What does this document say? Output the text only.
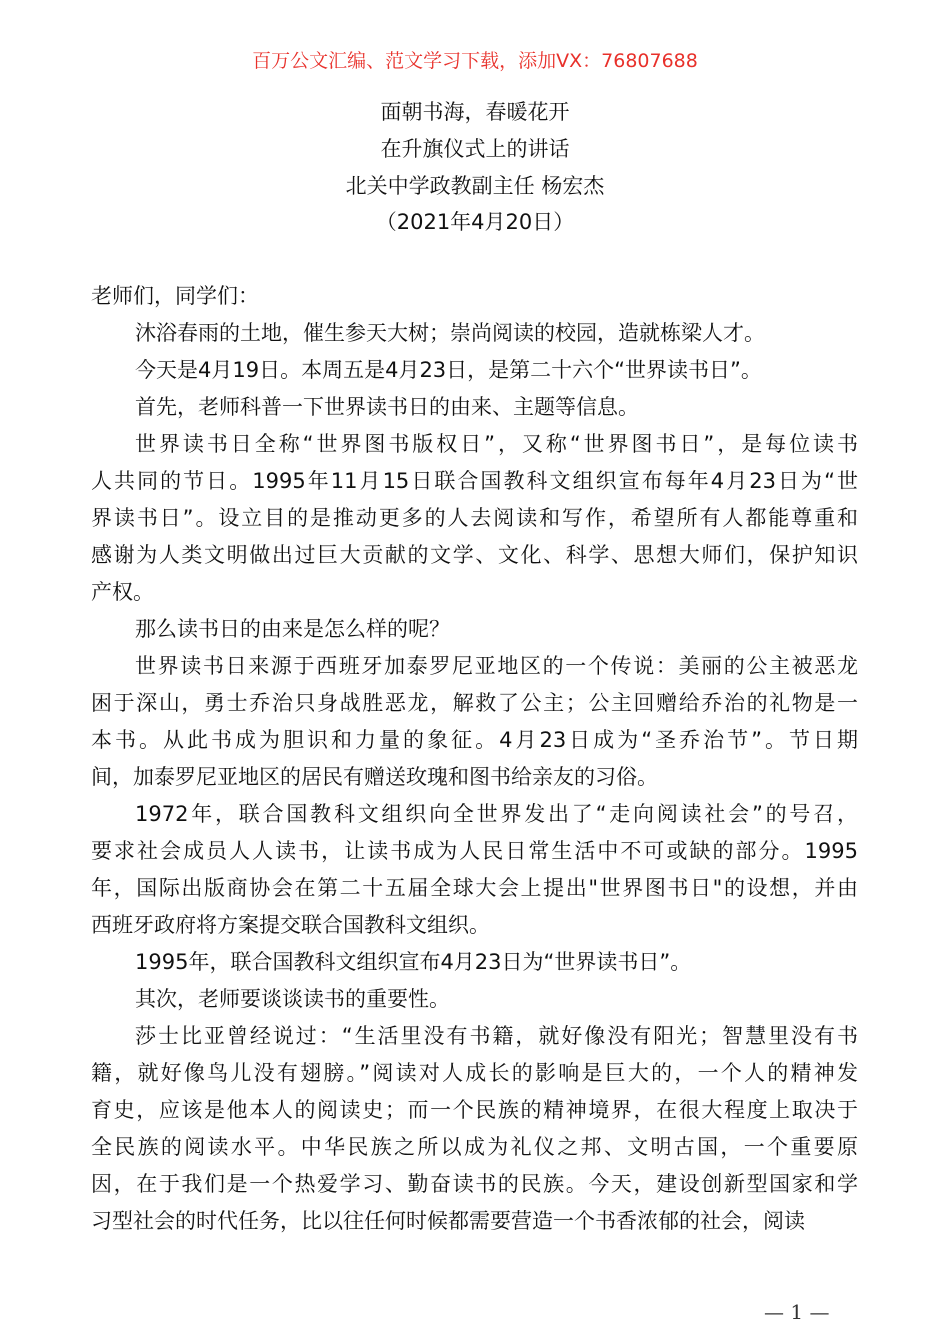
百万公文汇编、范文学习下载，添加VX：76807688
面朝书海，春暖花开
在升旗仪式上的讲话
北关中学政教副主任 杨宏杰
（2021年4月20日）
老师们，同学们：
沐浴春雨的土地，催生参天大树；崇尚阅读的校园，造就栋梁人才。
今天是4月19日。本周五是4月23日，是第二十六个“世界读书日”。
首先，老师科普一下世界读书日的由来、主题等信息。
世界读书日全称“世界图书版权日”，又称“世界图书日”，是每位读书
人共同的节日。1995年11月15日联合国教科文组织宣布每年4月23日为“世
界读书日”。设立目的是推动更多的人去阅读和写作，希望所有人都能尊重和
感谢为人类文明做出过巨大贡献的文学、文化、科学、思想大师们，保护知识
产权。
那么读书日的由来是怎么样的呢？
世界读书日来源于西班牙加泰罗尼亚地区的一个传说：美丽的公主被恶龙
困于深山，勇士乔治只身战胜恶龙，解救了公主；公主回赠给乔治的礼物是一
本书。从此书成为胆识和力量的象征。4月23日成为“圣乔治节”。节日期
间，加泰罗尼亚地区的居民有赠送玫瑰和图书给亲友的习俗。
1972年，联合国教科文组织向全世界发出了“走向阅读社会”的号召，
要求社会成员人人读书，让读书成为人民日常生活中不可或缺的部分。1995
年，国际出版商协会在第二十五届全球大会上提出"世界图书日"的设想，并由
西班牙政府将方案提交联合国教科文组织。
1995年，联合国教科文组织宣布4月23日为“世界读书日”。
其次，老师要谈谈读书的重要性。
莎士比亚曾经说过：“生活里没有书籍，就好像没有阳光；智慧里没有书
籍，就好像鸟儿没有翅膀。”阅读对人成长的影响是巨大的，一个人的精神发
育史，应该是他本人的阅读史；而一个民族的精神境界，在很大程度上取决于
全民族的阅读水平。中华民族之所以成为礼仪之邦、文明古国，一个重要原
因，在于我们是一个热爱学习、勤奋读书的民族。今天，建设创新型国家和学
习型社会的时代任务，比以往任何时候都需要营造一个书香浓郁的社会，阅读
— 1 —
